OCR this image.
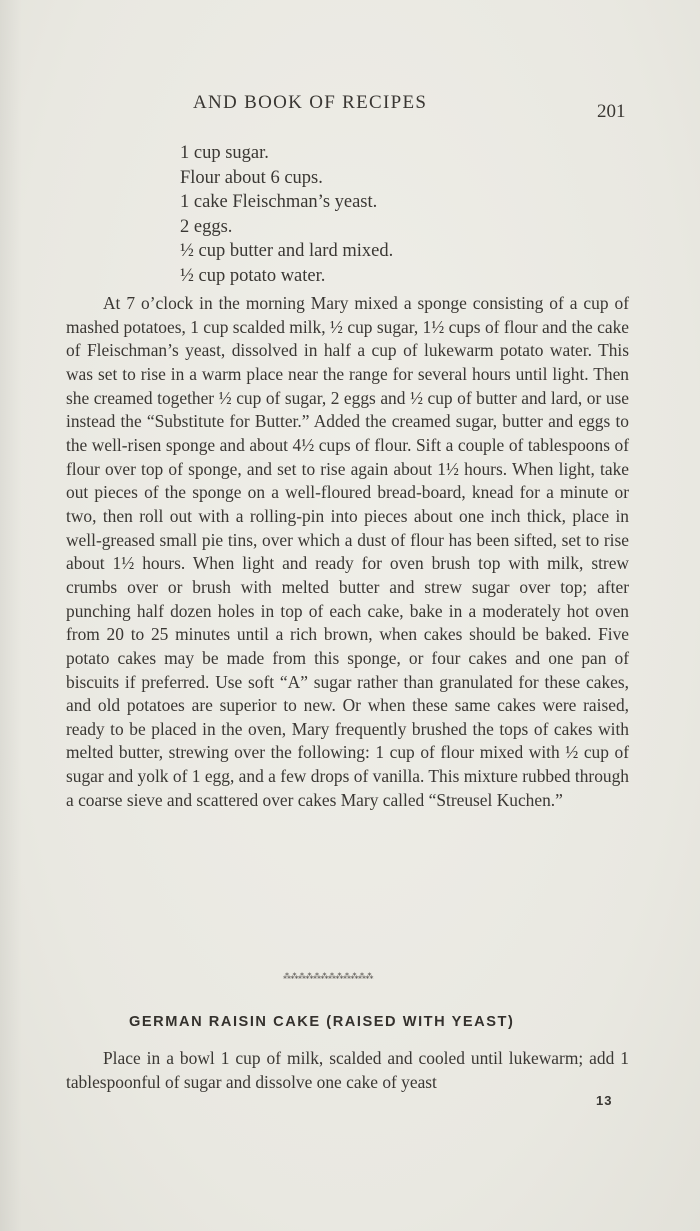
AND BOOK OF RECIPES	201
1 cup sugar.
Flour about 6 cups.
1 cake Fleischman’s yeast.
2 eggs.
½ cup butter and lard mixed.
½ cup potato water.

At 7 o’clock in the morning Mary mixed a sponge consisting of a cup of mashed potatoes, 1 cup scalded milk, ½ cup sugar, 1½ cups of flour and the cake of Fleischman’s yeast, dissolved in half a cup of lukewarm potato water. This was set to rise in a warm place near the range for several hours until light. Then she creamed together ½ cup of sugar, 2 eggs and ½ cup of butter and lard, or use instead the “Substitute for Butter.” Added the creamed sugar, butter and eggs to the well-risen sponge and about 4½ cups of flour. Sift a couple of tablespoons of flour over top of sponge, and set to rise again about 1½ hours. When light, take out pieces of the sponge on a well-floured bread-board, knead for a minute or two, then roll out with a rolling-pin into pieces about one inch thick, place in well-greased small pie tins, over which a dust of flour has been sifted, set to rise about 1½ hours. When light and ready for oven brush top with milk, strew crumbs over or brush with melted butter and strew sugar over top; after punching half dozen holes in top of each cake, bake in a moderately hot oven from 20 to 25 minutes until a rich brown, when cakes should be baked. Five potato cakes may be made from this sponge, or four cakes and one pan of biscuits if preferred. Use soft “A” sugar rather than granulated for these cakes, and old potatoes are superior to new. Or when these same cakes were raised, ready to be placed in the oven, Mary frequently brushed the tops of cakes with melted butter, strewing over the following: 1 cup of flour mixed with ½ cup of sugar and yolk of 1 egg, and a few drops of vanilla. This mixture rubbed through a coarse sieve and scattered over cakes Mary called “Streusel Kuchen.”

⁂⁂⁂⁂⁂⁂⁂⁂⁂⁂⁂⁂
GERMAN RAISIN CAKE (RAISED WITH YEAST)

Place in a bowl 1 cup of milk, scalded and cooled until lukewarm; add 1 tablespoonful of sugar and dissolve one cake of yeast

13
